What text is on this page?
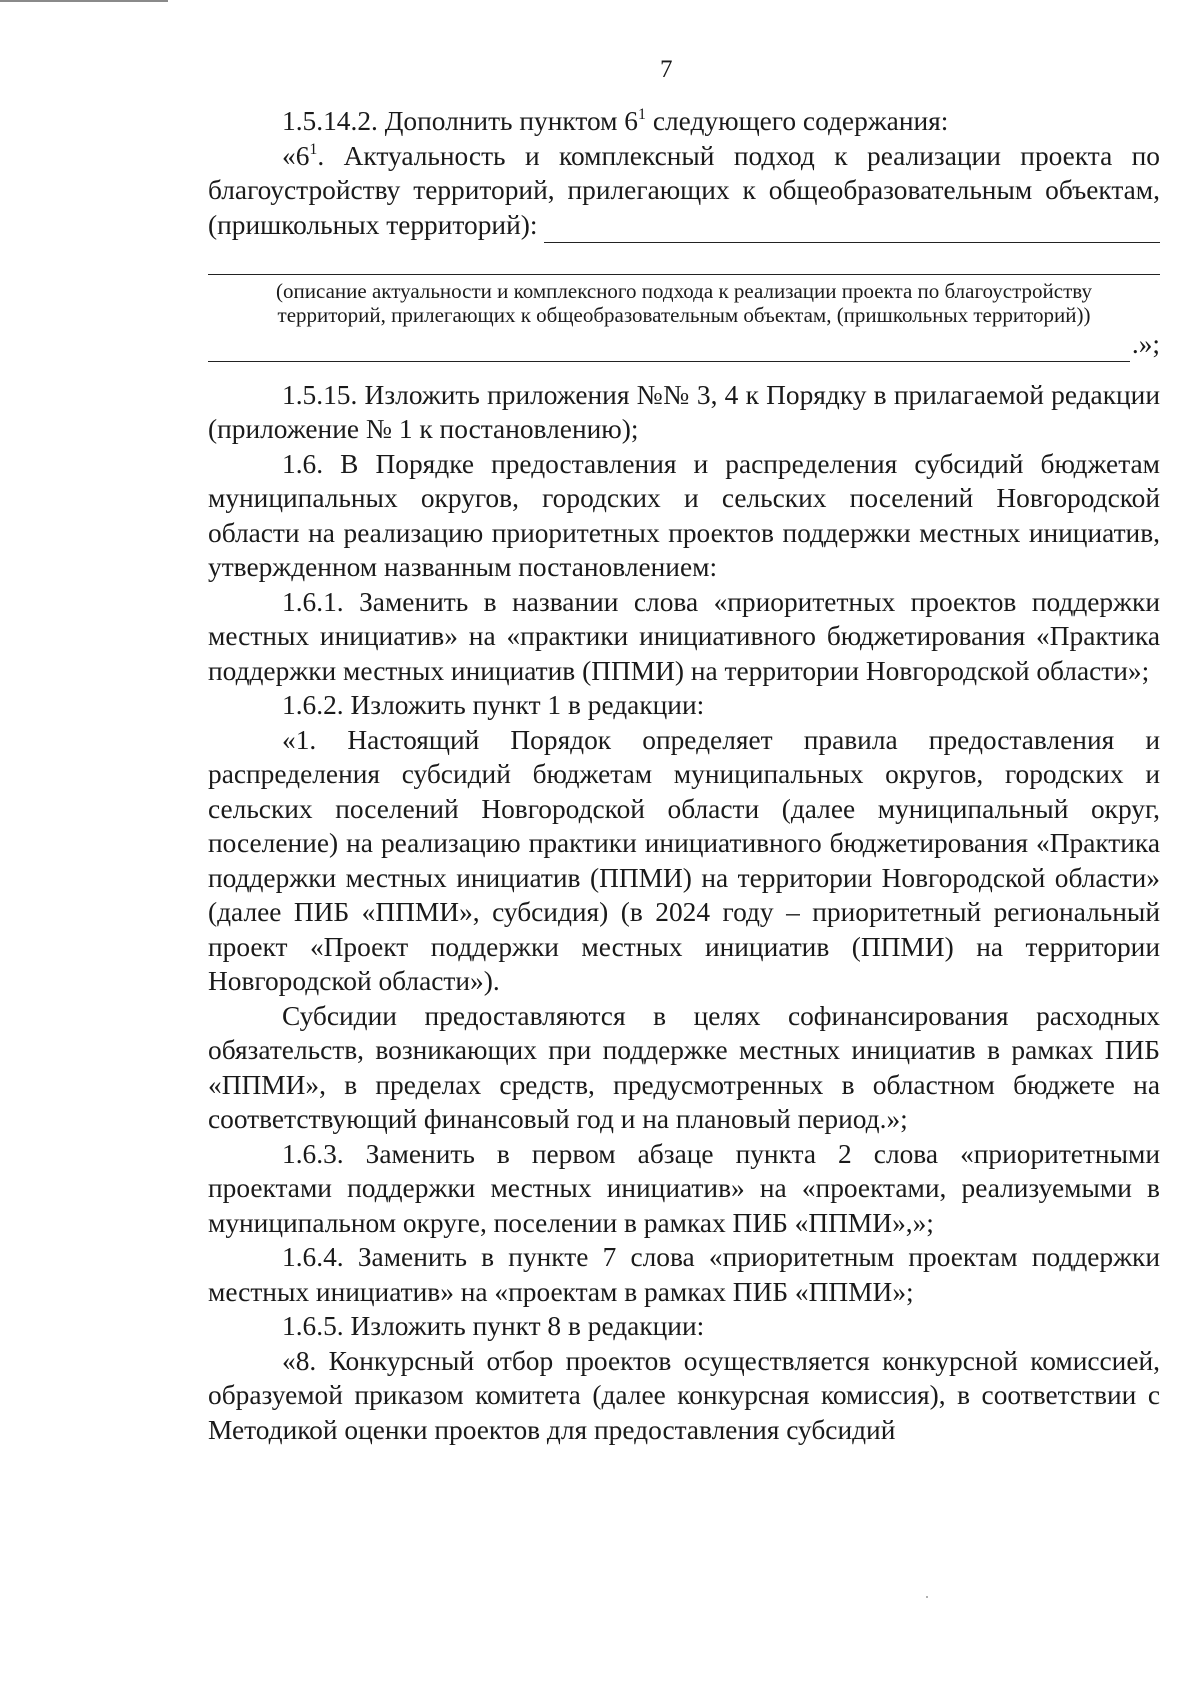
7

1.5.14.2. Дополнить пунктом $6^1$ следующего содержания:

«$6^1$. Актуальность и комплексный подход к реализации проекта по благоустройству территорий, прилегающих к общеобразовательным объектам, (пришкольных территорий):

(описание актуальности и комплексного подхода к реализации проекта по благоустройству территорий, прилегающих к общеобразовательным объектам, (пришкольных территорий))
.»;

1.5.15. Изложить приложения №№ 3, 4 к Порядку в прилагаемой редакции (приложение № 1 к постановлению);

1.6. В Порядке предоставления и распределения субсидий бюджетам муниципальных округов, городских и сельских поселений Новгородской области на реализацию приоритетных проектов поддержки местных инициатив, утвержденном названным постановлением:

1.6.1. Заменить в названии слова «приоритетных проектов поддержки местных инициатив» на «практики инициативного бюджетирования «Практика поддержки местных инициатив (ППМИ) на территории Новгородской области»;

1.6.2. Изложить пункт 1 в редакции:

«1. Настоящий Порядок определяет правила предоставления и распределения субсидий бюджетам муниципальных округов, городских и сельских поселений Новгородской области (далее муниципальный округ, поселение) на реализацию практики инициативного бюджетирования «Практика поддержки местных инициатив (ППМИ) на территории Новгородской области» (далее ПИБ «ППМИ», субсидия) (в 2024 году – приоритетный региональный проект «Проект поддержки местных инициатив (ППМИ) на территории Новгородской области»).

Субсидии предоставляются в целях софинансирования расходных обязательств, возникающих при поддержке местных инициатив в рамках ПИБ «ППМИ», в пределах средств, предусмотренных в областном бюджете на соответствующий финансовый год и на плановый период.»;

1.6.3. Заменить в первом абзаце пункта 2 слова «приоритетными проектами поддержки местных инициатив» на «проектами, реализуемыми в муниципальном округе, поселении в рамках ПИБ «ППМИ»,»;

1.6.4. Заменить в пункте 7 слова «приоритетным проектам поддержки местных инициатив» на «проектам в рамках ПИБ «ППМИ»;

1.6.5. Изложить пункт 8 в редакции:

«8. Конкурсный отбор проектов осуществляется конкурсной комиссией, образуемой приказом комитета (далее конкурсная комиссия), в соответствии с Методикой оценки проектов для предоставления субсидий
